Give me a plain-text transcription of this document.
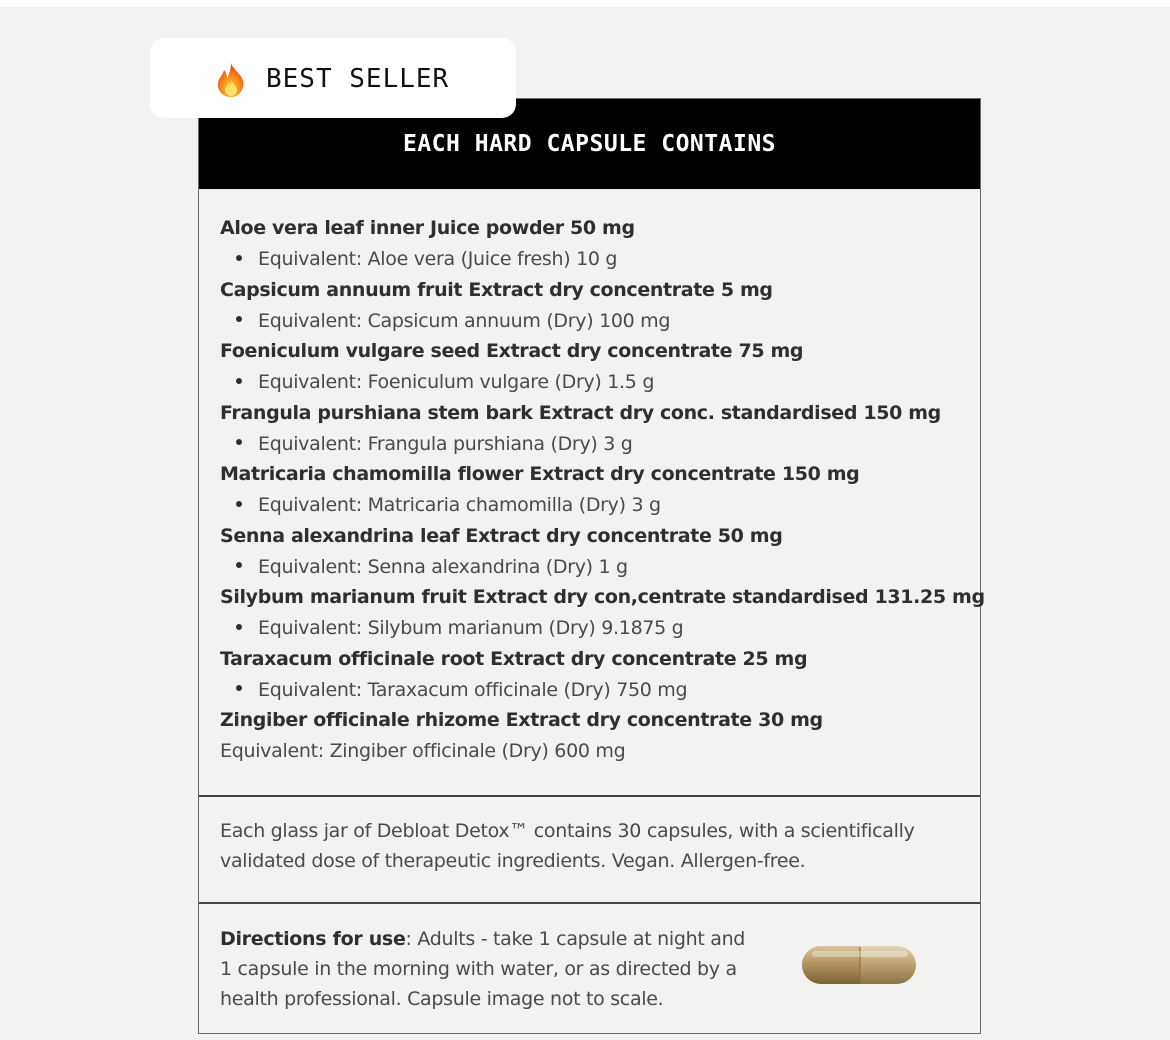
BEST SELLER
EACH HARD CAPSULE CONTAINS
Aloe vera leaf inner Juice powder 50 mg
Equivalent: Aloe vera (Juice fresh) 10 g
Capsicum annuum fruit Extract dry concentrate 5 mg
Equivalent: Capsicum annuum (Dry) 100 mg
Foeniculum vulgare seed Extract dry concentrate 75 mg
Equivalent: Foeniculum vulgare (Dry) 1.5 g
Frangula purshiana stem bark Extract dry conc. standardised 150 mg
Equivalent: Frangula purshiana (Dry) 3 g
Matricaria chamomilla flower Extract dry concentrate 150 mg
Equivalent: Matricaria chamomilla (Dry) 3 g
Senna alexandrina leaf Extract dry concentrate 50 mg
Equivalent: Senna alexandrina (Dry) 1 g
Silybum marianum fruit Extract dry con,centrate standardised 131.25 mg
Equivalent: Silybum marianum (Dry) 9.1875 g
Taraxacum officinale root Extract dry concentrate 25 mg
Equivalent: Taraxacum officinale (Dry) 750 mg
Zingiber officinale rhizome Extract dry concentrate 30 mg
Equivalent: Zingiber officinale (Dry) 600 mg

Each glass jar of Debloat Detox™ contains 30 capsules, with a scientifically validated dose of therapeutic ingredients. Vegan. Allergen-free.

Directions for use: Adults - take 1 capsule at night and 1 capsule in the morning with water, or as directed by a health professional. Capsule image not to scale.
